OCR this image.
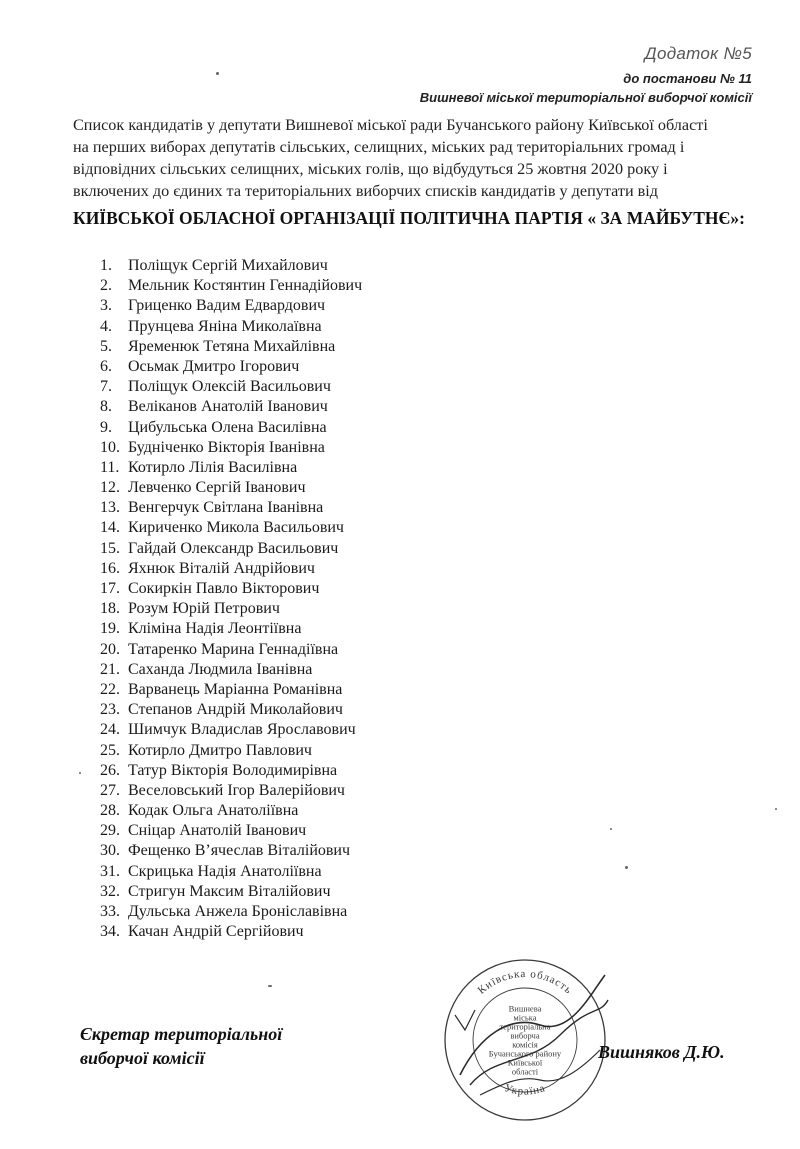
Додаток №5
до постанови № 11
Вишневої міської територіальної виборчої комісії
Список кандидатів у депутати Вишневої міської ради Бучанського району Київської області
на перших виборах депутатів сільських, селищних, міських рад територіальних громад і
відповідних сільських селищних, міських голів, що відбудуться 25 жовтня 2020 року і
включених до єдиних та територіальних виборчих списків кандидатів у депутати від
КИЇВСЬКОЇ ОБЛАСНОЇ ОРГАНІЗАЦІЇ ПОЛІТИЧНА ПАРТІЯ « ЗА МАЙБУТНЄ»:
1.	Поліщук Сергій Михайлович
2.	Мельник Костянтин Геннадійович
3.	Гриценко Вадим Едвардович
4.	Прунцева Яніна Миколаївна
5.	Яременюк Тетяна Михайлівна
6.	Осьмак Дмитро Ігорович
7.	Поліщук Олексій Васильович
8.	Веліканов Анатолій Іванович
9.	Цибульська Олена Василівна
10. Будніченко Вікторія Іванівна
11. Котирло Лілія Василівна
12. Левченко Сергій Іванович
13. Венгерчук Світлана Іванівна
14. Кириченко Микола Васильович
15. Гайдай Олександр Васильович
16. Яхнюк Віталій Андрійович
17. Сокиркін Павло Вікторович
18. Розум Юрій Петрович
19. Кліміна Надія Леонтіївна
20. Татаренко Марина Геннадіївна
21. Саханда Людмила Іванівна
22. Варванець Маріанна Романівна
23. Степанов Андрій Миколайович
24. Шимчук Владислав Ярославович
25. Котирло Дмитро Павлович
26. Татур Вікторія Володимирівна
27. Веселовський Ігор Валерійович
28. Кодак Ольга Анатоліївна
29. Сніцар Анатолій Іванович
30. Фещенко В’ячеслав Віталійович
31. Скрицька Надія Анатоліївна
32. Стригун Максим Віталійович
33. Дульська Анжела Броніславівна
34. Качан Андрій Сергійович
Єкретар територіальної
виборчої комісії
Київська область
Україна
Вишнева
міська
територіальна
виборча
комісія
Бучанського району
Київської
області
Вишняков Д.Ю.
